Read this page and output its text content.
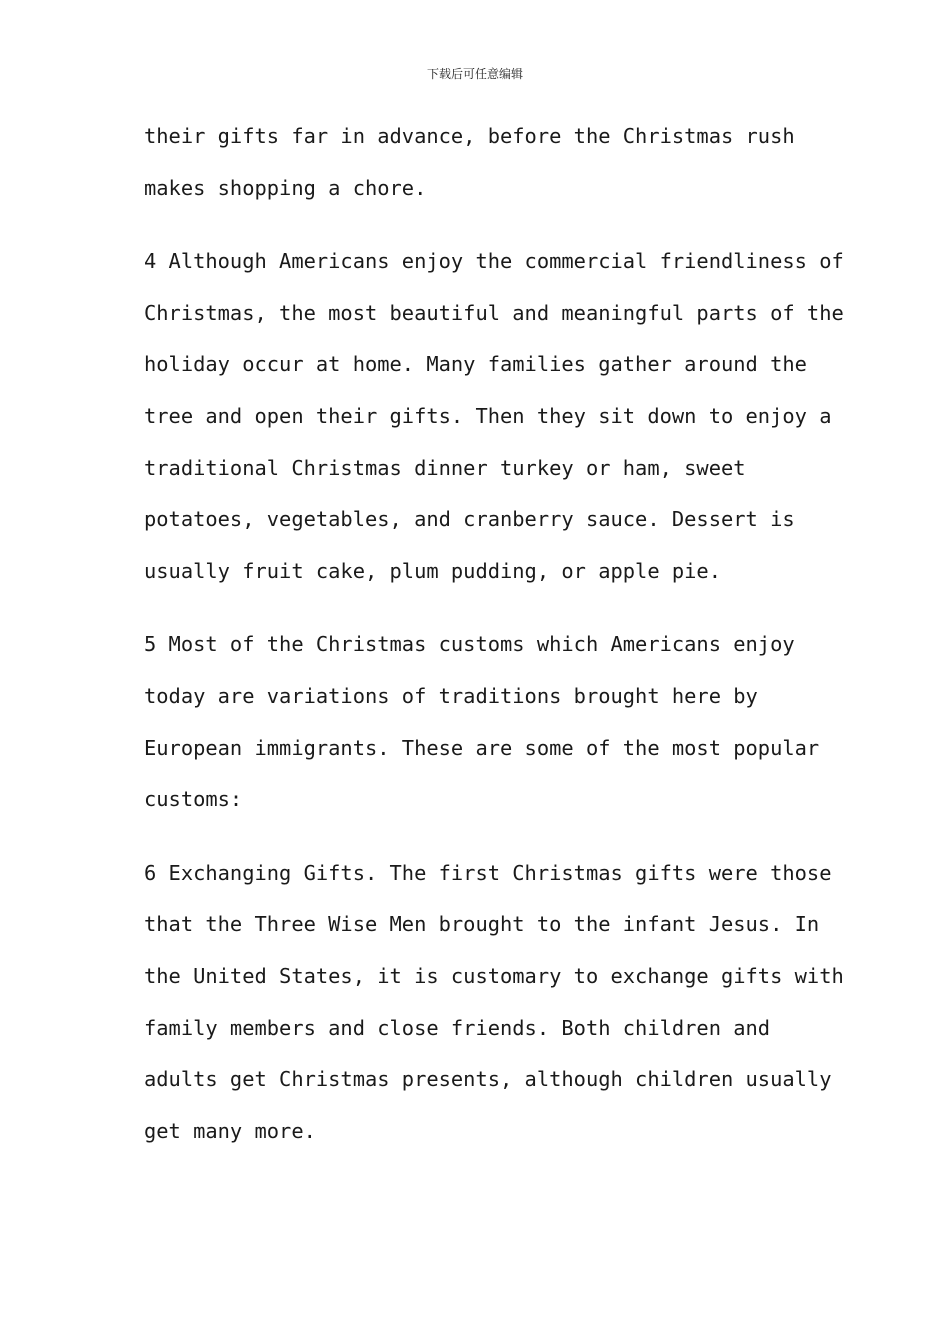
下载后可任意编辑

their gifts far in advance, before the Christmas rush
makes shopping a chore.

4 Although Americans enjoy the commercial friendliness of
Christmas, the most beautiful and meaningful parts of the
holiday occur at home. Many families gather around the
tree and open their gifts. Then they sit down to enjoy a
traditional Christmas dinner turkey or ham, sweet
potatoes, vegetables, and cranberry sauce. Dessert is
usually fruit cake, plum pudding, or apple pie.

5 Most of the Christmas customs which Americans enjoy
today are variations of traditions brought here by
European immigrants. These are some of the most popular
customs:

6 Exchanging Gifts. The first Christmas gifts were those
that the Three Wise Men brought to the infant Jesus. In
the United States, it is customary to exchange gifts with
family members and close friends. Both children and
adults get Christmas presents, although children usually
get many more.
